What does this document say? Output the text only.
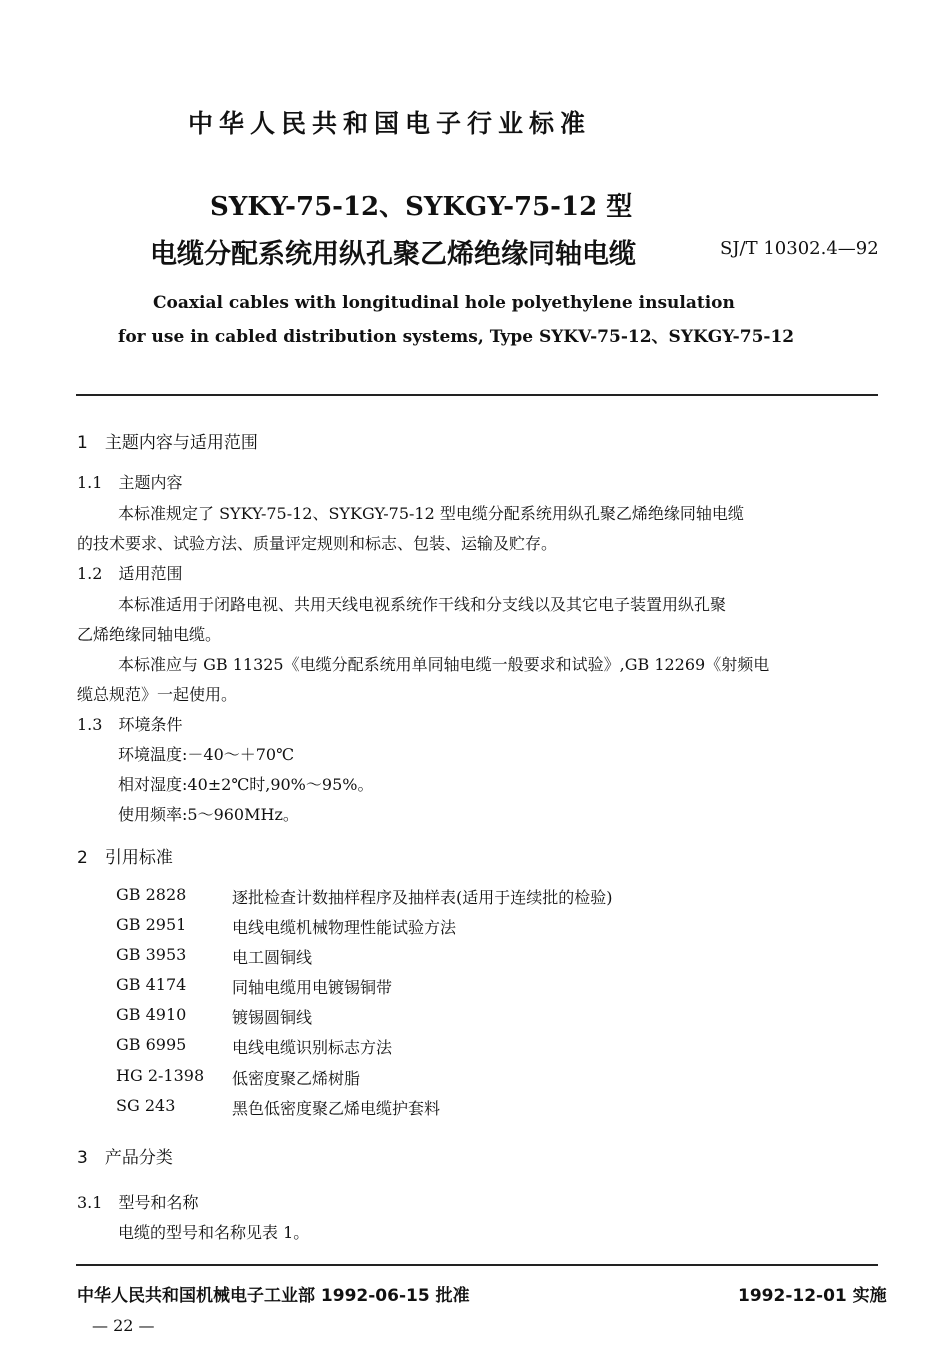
中华人民共和国电子行业标准
SYKY-75-12、SYKGY-75-12 型
电缆分配系统用纵孔聚乙烯绝缘同轴电缆	SJ/T 10302.4—92
Coaxial cables with longitudinal hole polyethylene insulation
for use in cabled distribution systems, Type SYKV-75-12、SYKGY-75-12
1　主题内容与适用范围
1.1　主题内容
本标准规定了 SYKY-75-12、SYKGY-75-12 型电缆分配系统用纵孔聚乙烯绝缘同轴电缆
的技术要求、试验方法、质量评定规则和标志、包装、运输及贮存。
1.2　适用范围
本标准适用于闭路电视、共用天线电视系统作干线和分支线以及其它电子装置用纵孔聚
乙烯绝缘同轴电缆。
本标准应与 GB 11325《电缆分配系统用单同轴电缆一般要求和试验》,GB 12269《射频电
缆总规范》一起使用。
1.3　环境条件
环境温度:－40～＋70℃
相对湿度:40±2℃时,90%～95%。
使用频率:5～960MHz。
2　引用标准
GB 2828	逐批检查计数抽样程序及抽样表(适用于连续批的检验)
GB 2951	电线电缆机械物理性能试验方法
GB 3953	电工圆铜线
GB 4174	同轴电缆用电镀锡铜带
GB 4910	镀锡圆铜线
GB 6995	电线电缆识别标志方法
HG 2-1398 低密度聚乙烯树脂
SG 243	黑色低密度聚乙烯电缆护套料
3　产品分类
3.1　型号和名称
电缆的型号和名称见表 1。
中华人民共和国机械电子工业部 1992-06-15 批准	1992-12-01 实施
— 22 —
